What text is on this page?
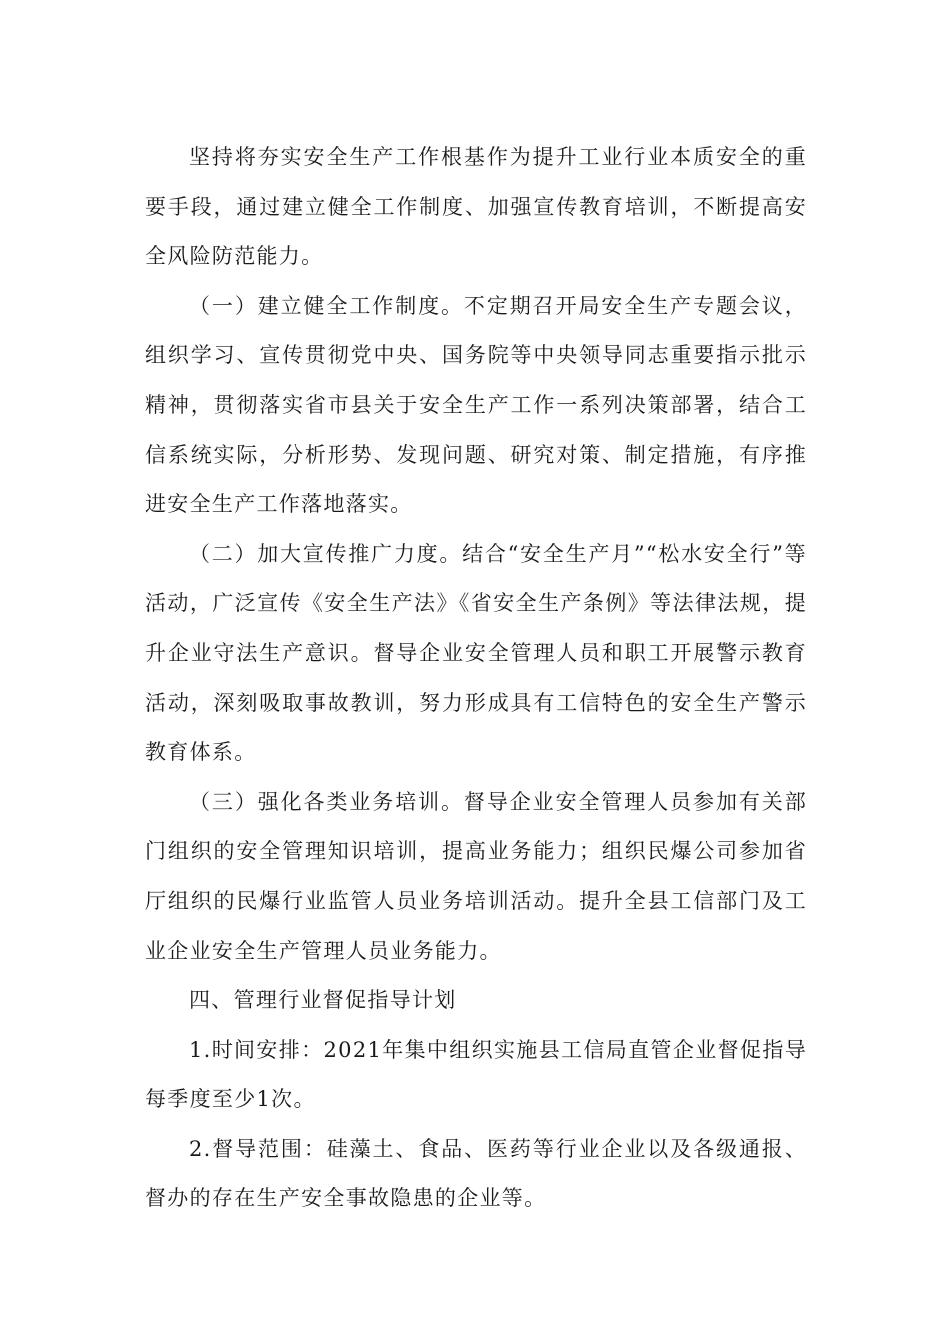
坚持将夯实安全生产工作根基作为提升工业行业本质安全的重要手段，通过建立健全工作制度、加强宣传教育培训，不断提高安全风险防范能力。

（一）建立健全工作制度。不定期召开局安全生产专题会议，组织学习、宣传贯彻党中央、国务院等中央领导同志重要指示批示精神，贯彻落实省市县关于安全生产工作一系列决策部署，结合工信系统实际，分析形势、发现问题、研究对策、制定措施，有序推进安全生产工作落地落实。

（二）加大宣传推广力度。结合“安全生产月”“松水安全行”等活动，广泛宣传《安全生产法》《省安全生产条例》等法律法规，提升企业守法生产意识。督导企业安全管理人员和职工开展警示教育活动，深刻吸取事故教训，努力形成具有工信特色的安全生产警示教育体系。

（三）强化各类业务培训。督导企业安全管理人员参加有关部门组织的安全管理知识培训，提高业务能力；组织民爆公司参加省厅组织的民爆行业监管人员业务培训活动。提升全县工信部门及工业企业安全生产管理人员业务能力。

四、管理行业督促指导计划

1.时间安排：2021年集中组织实施县工信局直管企业督促指导每季度至少1次。

2.督导范围：硅藻土、食品、医药等行业企业以及各级通报、督办的存在生产安全事故隐患的企业等。
